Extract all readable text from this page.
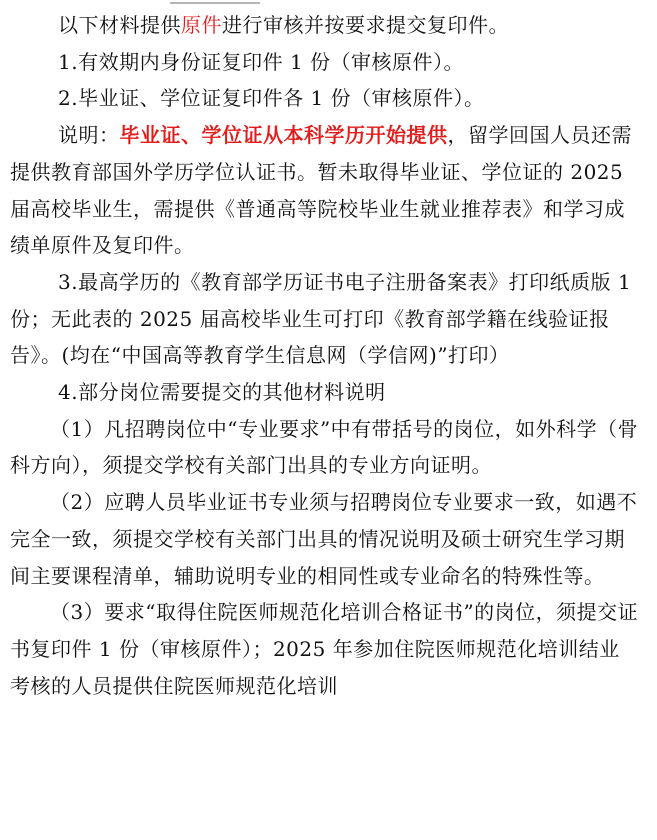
以下材料提供原件进行审核并按要求提交复印件。

1.有效期内身份证复印件 1 份（审核原件）。

2.毕业证、学位证复印件各 1 份（审核原件）。

说明：毕业证、学位证从本科学历开始提供，留学回国人员还需提供教育部国外学历学位认证书。暂未取得毕业证、学位证的 2025 届高校毕业生，需提供《普通高等院校毕业生就业推荐表》和学习成绩单原件及复印件。

3.最高学历的《教育部学历证书电子注册备案表》打印纸质版 1 份；无此表的 2025 届高校毕业生可打印《教育部学籍在线验证报告》。(均在“中国高等教育学生信息网（学信网)”打印）

4.部分岗位需要提交的其他材料说明

（1）凡招聘岗位中“专业要求”中有带括号的岗位，如外科学（骨科方向），须提交学校有关部门出具的专业方向证明。

（2）应聘人员毕业证书专业须与招聘岗位专业要求一致，如遇不完全一致，须提交学校有关部门出具的情况说明及硕士研究生学习期间主要课程清单，辅助说明专业的相同性或专业命名的特殊性等。

（3）要求“取得住院医师规范化培训合格证书”的岗位，须提交证书复印件 1 份（审核原件）；2025 年参加住院医师规范化培训结业考核的人员提供住院医师规范化培训
